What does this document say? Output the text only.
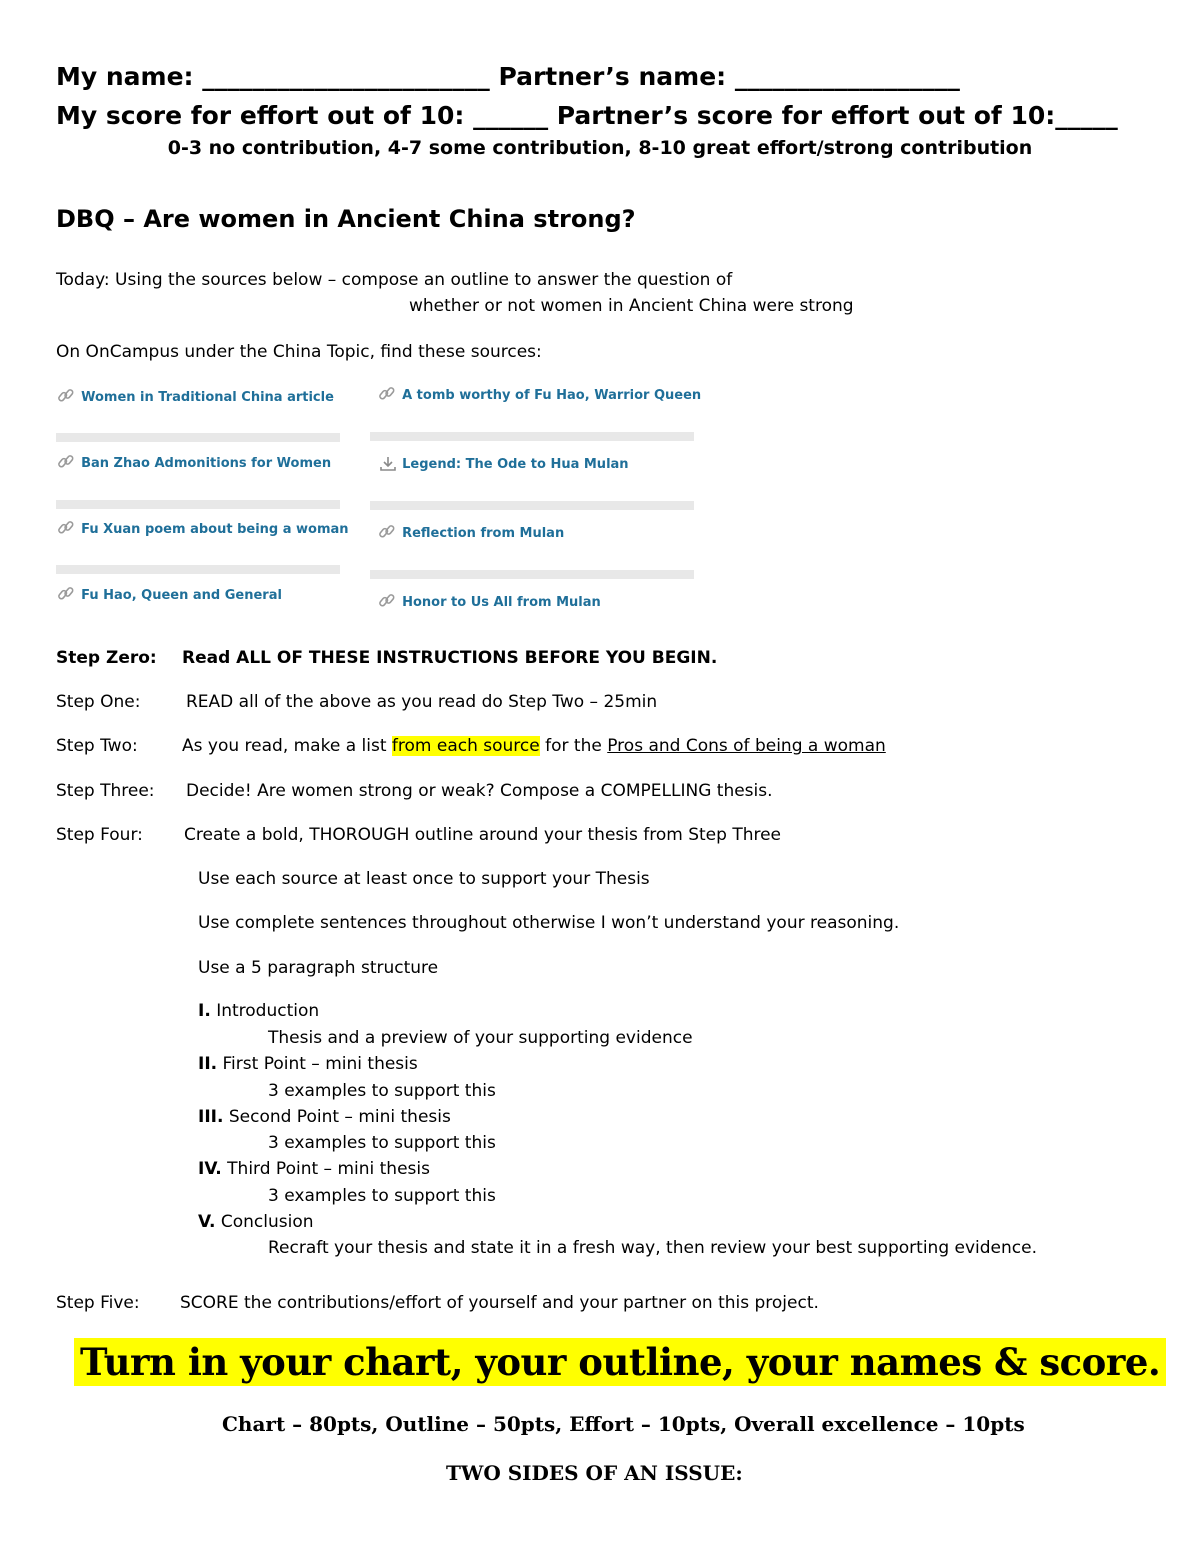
My name: _______________________ Partner’s name: __________________
My score for effort out of 10: ______ Partner’s score for effort out of 10:_____
0-3 no contribution, 4-7 some contribution, 8-10 great effort/strong contribution
DBQ – Are women in Ancient China strong?
Today: Using the sources below – compose an outline to answer the question of
whether or not women in Ancient China were strong
On OnCampus under the China Topic, find these sources:
Women in Traditional China article
Ban Zhao Admonitions for Women
Fu Xuan poem about being a woman
Fu Hao, Queen and General
A tomb worthy of Fu Hao, Warrior Queen
Legend: The Ode to Hua Mulan
Reflection from Mulan
Honor to Us All from Mulan
Step Zero: Read ALL OF THESE INSTRUCTIONS BEFORE YOU BEGIN.
Step One:	READ all of the above as you read do Step Two – 25min
Step Two:	As you read, make a list from each source for the Pros and Cons of being a woman
Step Three: Decide! Are women strong or weak? Compose a COMPELLING thesis.
Step Four: Create a bold, THOROUGH outline around your thesis from Step Three
Use each source at least once to support your Thesis
Use complete sentences throughout otherwise I won’t understand your reasoning.
Use a 5 paragraph structure
I. Introduction
Thesis and a preview of your supporting evidence
II. First Point – mini thesis
3 examples to support this
III. Second Point – mini thesis
3 examples to support this
IV. Third Point – mini thesis
3 examples to support this
V. Conclusion
Recraft your thesis and state it in a fresh way, then review your best supporting evidence.
Step Five: SCORE the contributions/effort of yourself and your partner on this project.
Turn in your chart, your outline, your names & score.
Chart – 80pts, Outline – 50pts, Effort – 10pts, Overall excellence – 10pts
TWO SIDES OF AN ISSUE:
